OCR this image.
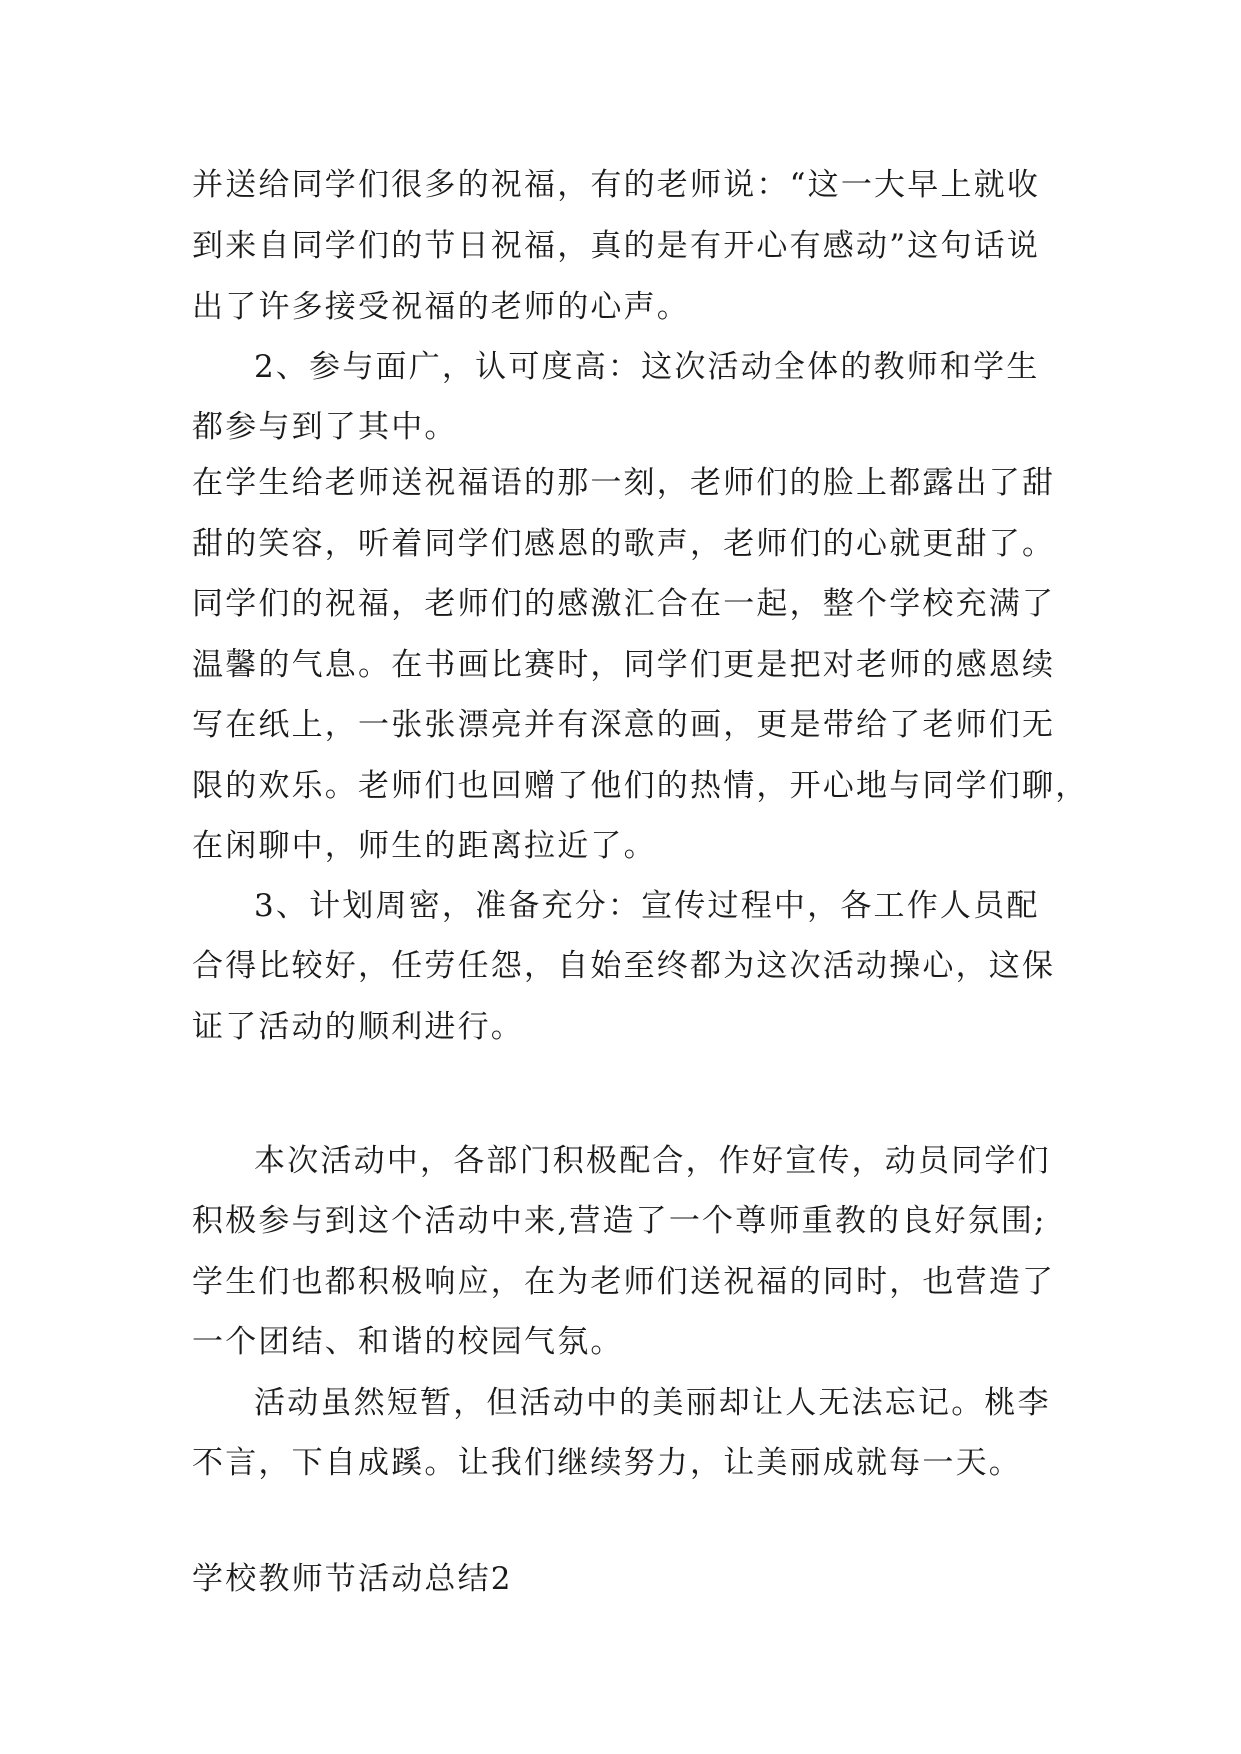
并送给同学们很多的祝福，有的老师说：“这一大早上就收
到来自同学们的节日祝福，真的是有开心有感动”这句话说
出了许多接受祝福的老师的心声。
2、参与面广，认可度高：这次活动全体的教师和学生
都参与到了其中。
在学生给老师送祝福语的那一刻，老师们的脸上都露出了甜
甜的笑容，听着同学们感恩的歌声，老师们的心就更甜了。
同学们的祝福，老师们的感激汇合在一起，整个学校充满了
温馨的气息。在书画比赛时，同学们更是把对老师的感恩续
写在纸上，一张张漂亮并有深意的画，更是带给了老师们无
限的欢乐。老师们也回赠了他们的热情，开心地与同学们聊，
在闲聊中，师生的距离拉近了。
3、计划周密，准备充分：宣传过程中，各工作人员配
合得比较好，任劳任怨，自始至终都为这次活动操心，这保
证了活动的顺利进行。
本次活动中，各部门积极配合，作好宣传，动员同学们
积极参与到这个活动中来,营造了一个尊师重教的良好氛围;
学生们也都积极响应，在为老师们送祝福的同时，也营造了
一个团结、和谐的校园气氛。
活动虽然短暂，但活动中的美丽却让人无法忘记。桃李
不言，下自成蹊。让我们继续努力，让美丽成就每一天。
学校教师节活动总结2
